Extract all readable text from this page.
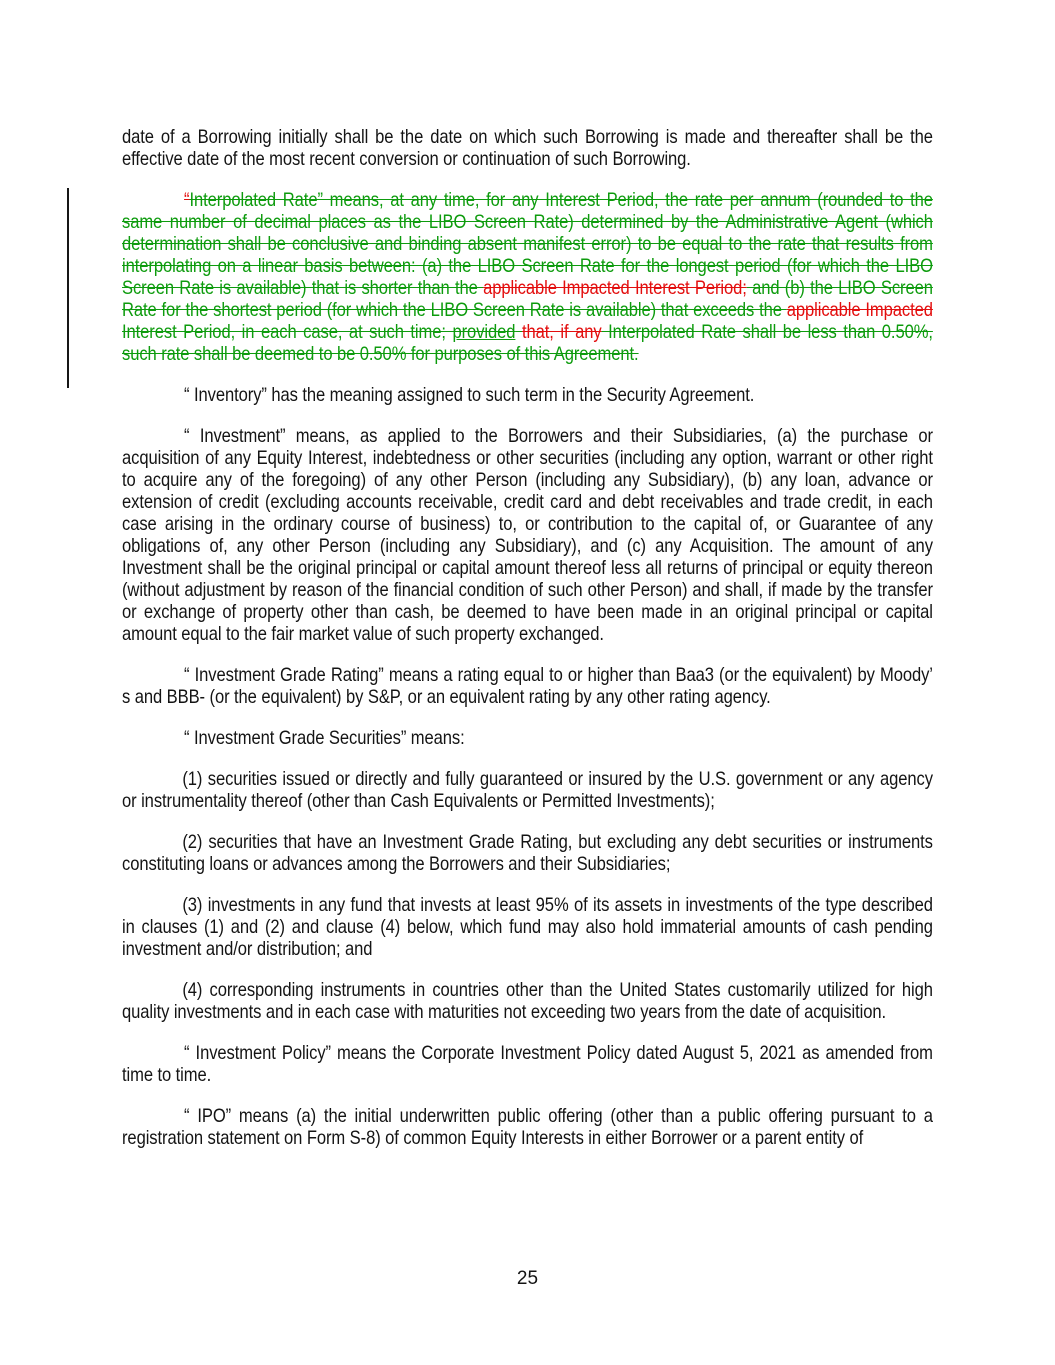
date of a Borrowing initially shall be the date on which such Borrowing is made and thereafter shall be the effective date of the most recent conversion or continuation of such Borrowing.

“Interpolated Rate” means, at any time, for any Interest Period, the rate per annum (rounded to the same number of decimal places as the LIBO Screen Rate) determined by the Administrative Agent (which determination shall be conclusive and binding absent manifest error) to be equal to the rate that results from interpolating on a linear basis between: (a) the LIBO Screen Rate for the longest period (for which the LIBO Screen Rate is available) that is shorter than the applicable Impacted Interest Period; and (b) the LIBO Screen Rate for the shortest period (for which the LIBO Screen Rate is available) that exceeds the applicable Impacted Interest Period, in each case, at such time; provided that, if any Interpolated Rate shall be less than 0.50%, such rate shall be deemed to be 0.50% for purposes of this Agreement.

“ Inventory” has the meaning assigned to such term in the Security Agreement.

“ Investment” means, as applied to the Borrowers and their Subsidiaries, (a) the purchase or acquisition of any Equity Interest, indebtedness or other securities (including any option, warrant or other right to acquire any of the foregoing) of any other Person (including any Subsidiary), (b) any loan, advance or extension of credit (excluding accounts receivable, credit card and debt receivables and trade credit, in each case arising in the ordinary course of business) to, or contribution to the capital of, or Guarantee of any obligations of, any other Person (including any Subsidiary), and (c) any Acquisition. The amount of any Investment shall be the original principal or capital amount thereof less all returns of principal or equity thereon (without adjustment by reason of the financial condition of such other Person) and shall, if made by the transfer or exchange of property other than cash, be deemed to have been made in an original principal or capital amount equal to the fair market value of such property exchanged.

“ Investment Grade Rating” means a rating equal to or higher than Baa3 (or the equivalent) by Moody’ s and BBB- (or the equivalent) by S&P, or an equivalent rating by any other rating agency.

“ Investment Grade Securities” means:

(1) securities issued or directly and fully guaranteed or insured by the U.S. government or any agency or instrumentality thereof (other than Cash Equivalents or Permitted Investments);

(2) securities that have an Investment Grade Rating, but excluding any debt securities or instruments constituting loans or advances among the Borrowers and their Subsidiaries;

(3) investments in any fund that invests at least 95% of its assets in investments of the type described in clauses (1) and (2) and clause (4) below, which fund may also hold immaterial amounts of cash pending investment and/or distribution; and

(4) corresponding instruments in countries other than the United States customarily utilized for high quality investments and in each case with maturities not exceeding two years from the date of acquisition.

“ Investment Policy” means the Corporate Investment Policy dated August 5, 2021 as amended from time to time.

“ IPO” means (a) the initial underwritten public offering (other than a public offering pursuant to a registration statement on Form S-8) of common Equity Interests in either Borrower or a parent entity of

25
